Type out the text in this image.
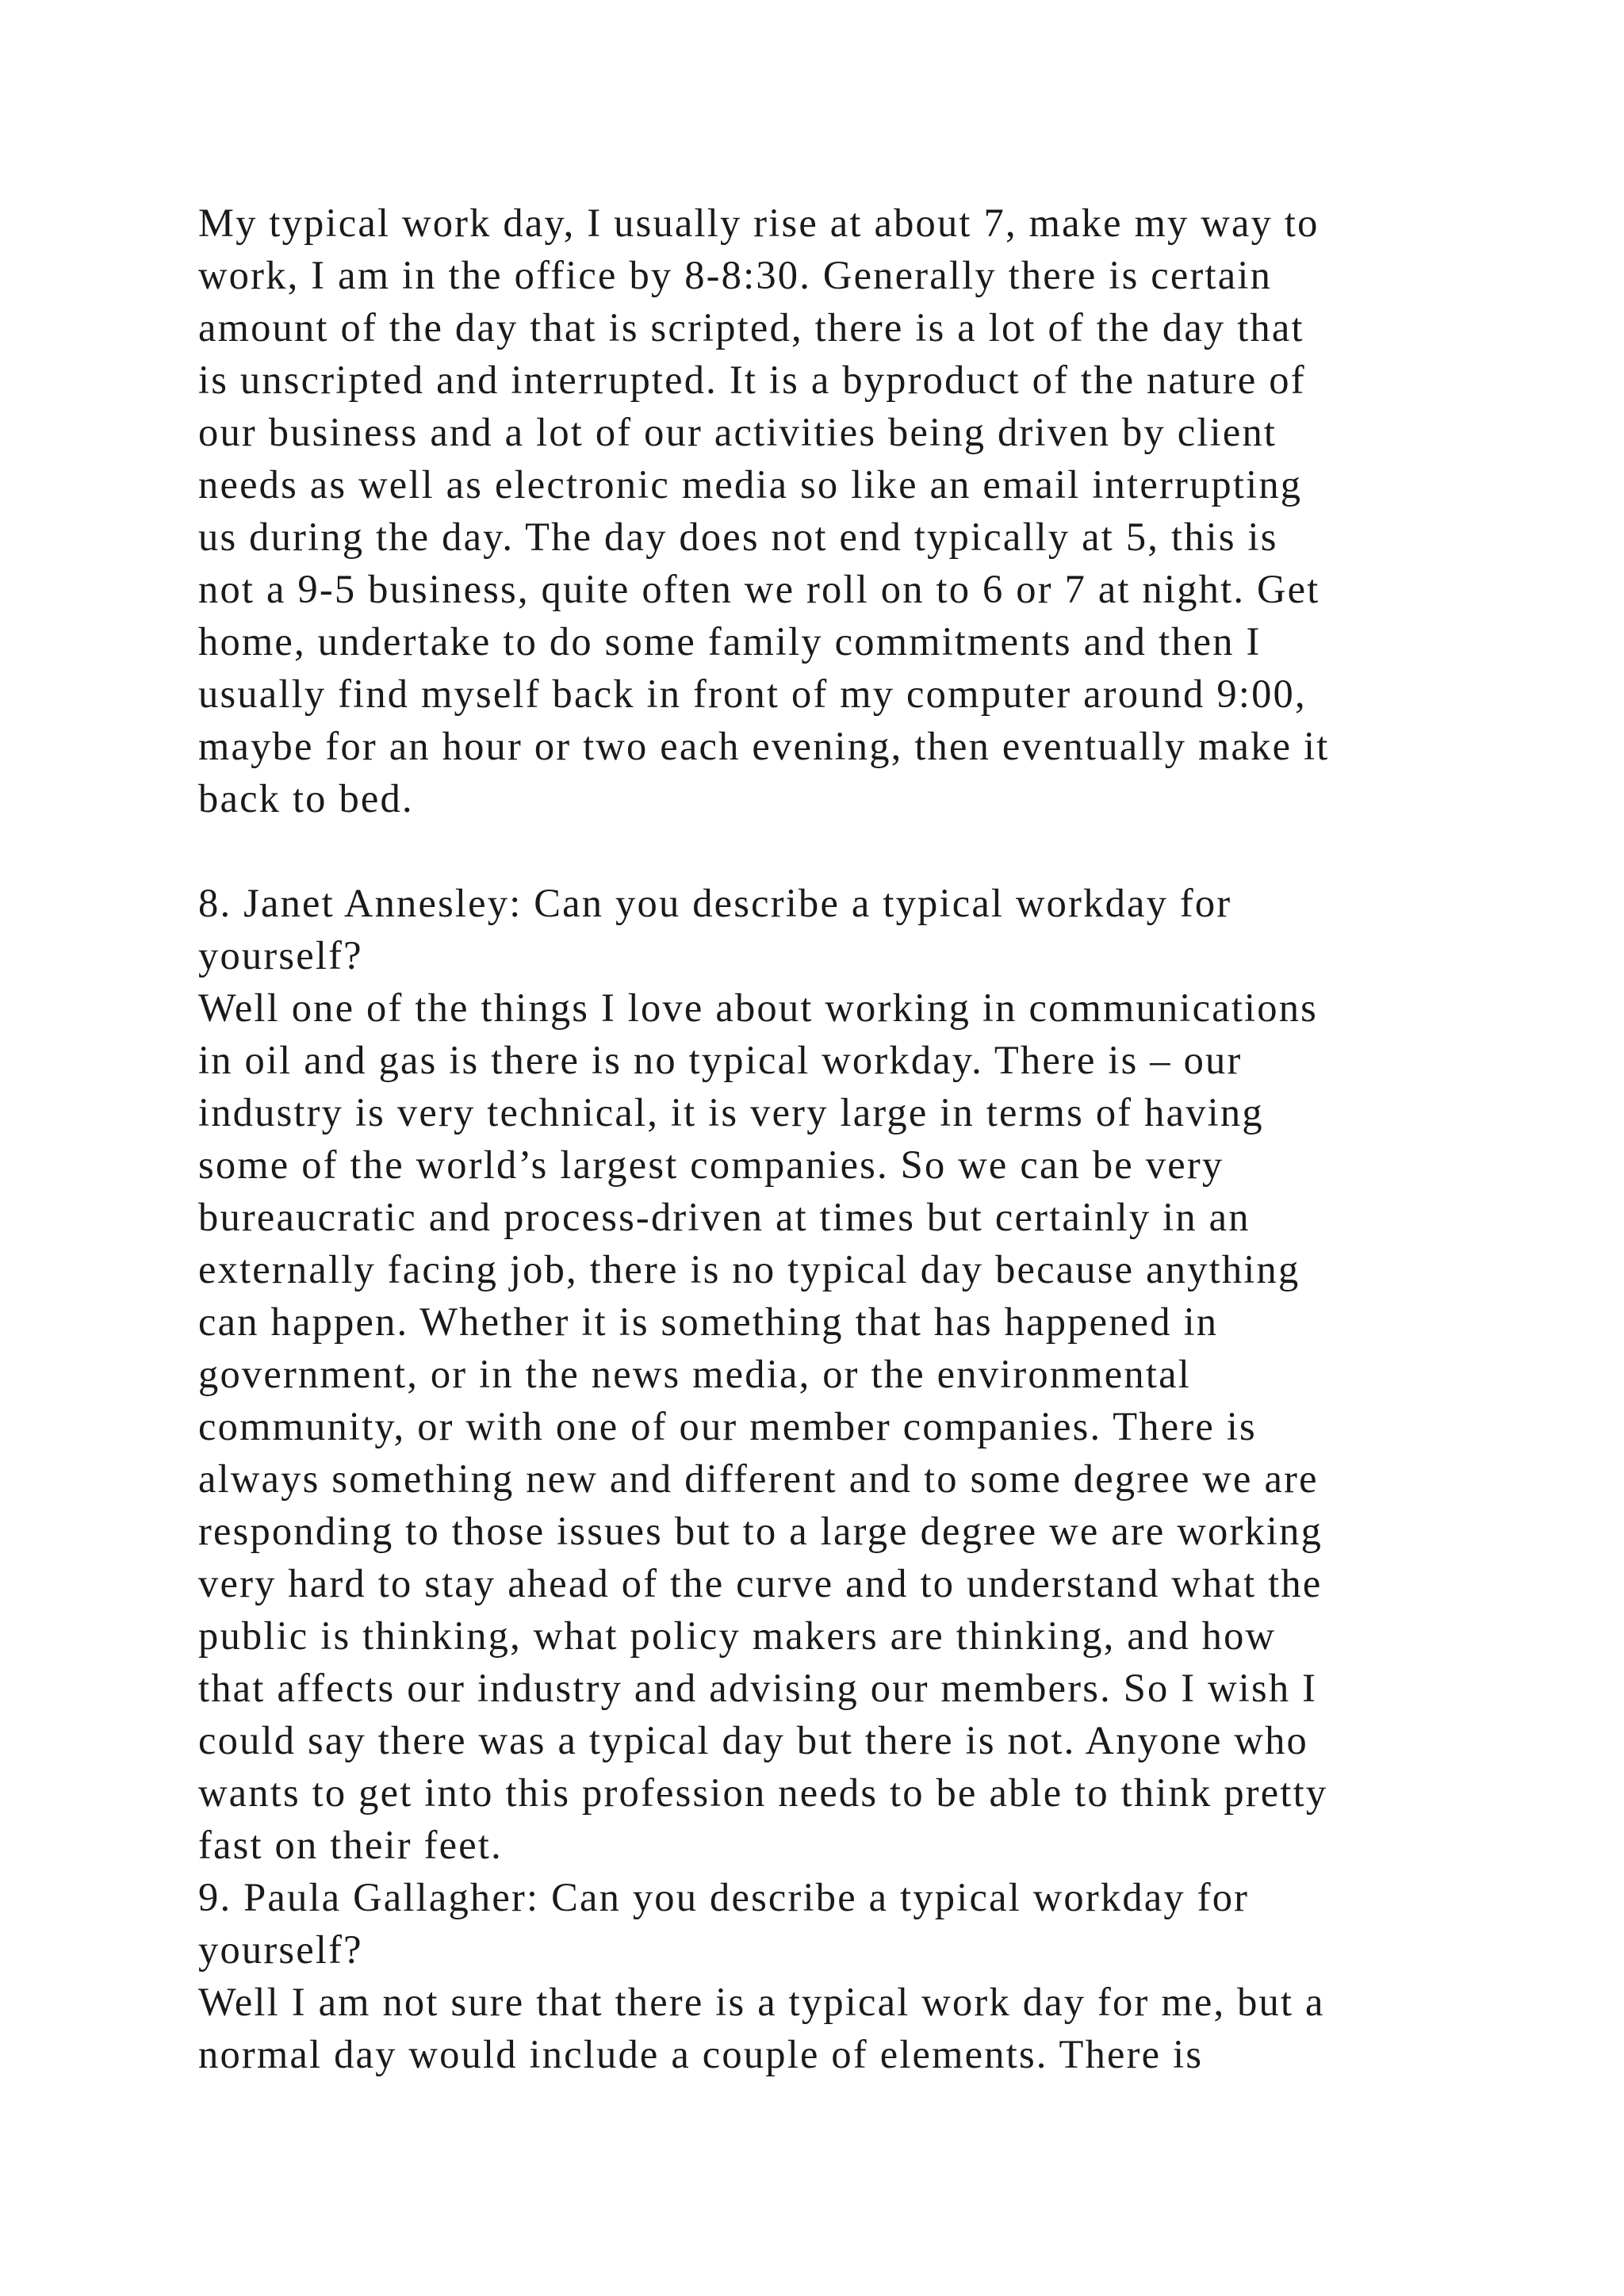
My typical work day, I usually rise at about 7, make my way to
work, I am in the office by 8-8:30. Generally there is certain
amount of the day that is scripted, there is a lot of the day that
is unscripted and interrupted. It is a byproduct of the nature of
our business and a lot of our activities being driven by client
needs as well as electronic media so like an email interrupting
us during the day. The day does not end typically at 5, this is
not a 9-5 business, quite often we roll on to 6 or 7 at night. Get
home, undertake to do some family commitments and then I
usually find myself back in front of my computer around 9:00,
maybe for an hour or two each evening, then eventually make it
back to bed.
8. Janet Annesley: Can you describe a typical workday for
yourself?
Well one of the things I love about working in communications
in oil and gas is there is no typical workday. There is – our
industry is very technical, it is very large in terms of having
some of the world’s largest companies. So we can be very
bureaucratic and process-driven at times but certainly in an
externally facing job, there is no typical day because anything
can happen. Whether it is something that has happened in
government, or in the news media, or the environmental
community, or with one of our member companies. There is
always something new and different and to some degree we are
responding to those issues but to a large degree we are working
very hard to stay ahead of the curve and to understand what the
public is thinking, what policy makers are thinking, and how
that affects our industry and advising our members. So I wish I
could say there was a typical day but there is not. Anyone who
wants to get into this profession needs to be able to think pretty
fast on their feet.
9. Paula Gallagher: Can you describe a typical workday for
yourself?
Well I am not sure that there is a typical work day for me, but a
normal day would include a couple of elements. There is
